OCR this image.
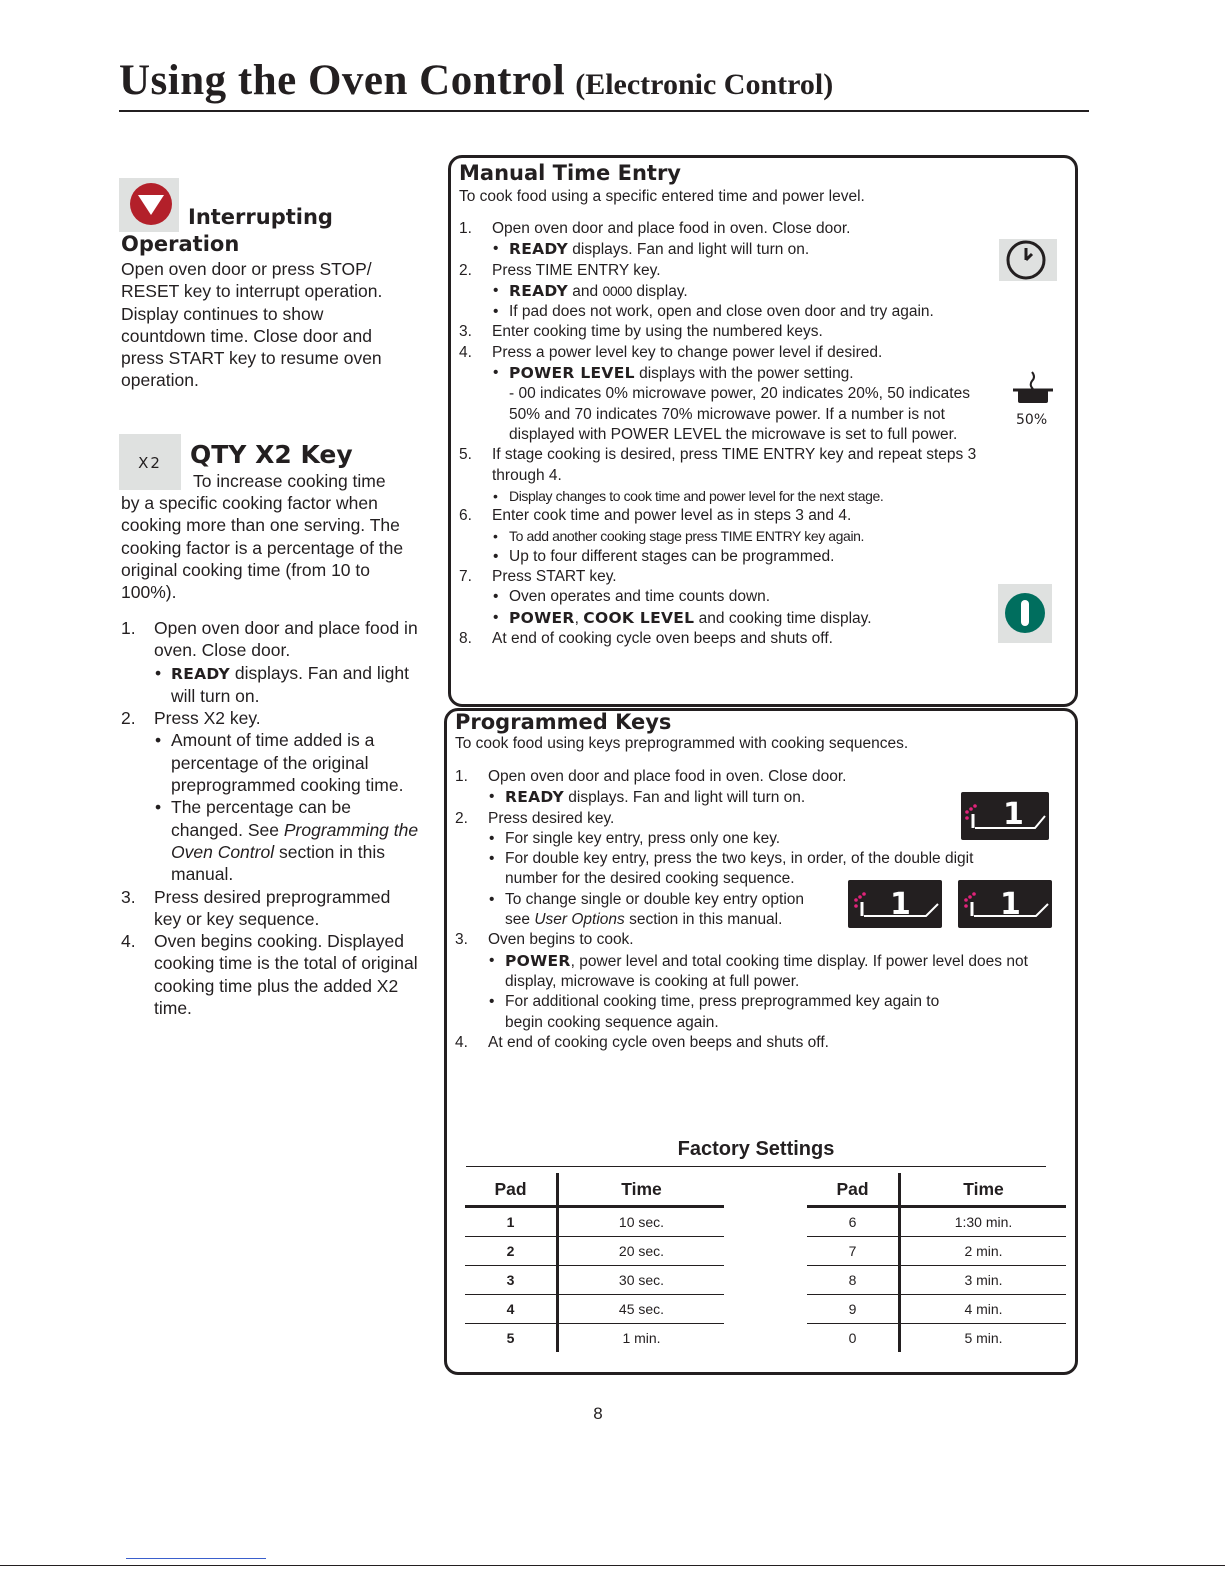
Using the Oven Control (Electronic Control)
Interrupting
Operation
Open oven door or press STOP/ RESET key to interrupt operation. Display continues to show countdown time. Close door and press START key to resume oven operation.
X2	QTY X2 Key
To increase cooking time
by a specific cooking factor when cooking more than one serving. The cooking factor is a percentage of the original cooking time (from 10 to 100%).
1. Open oven door and place food in oven. Close door.
• READY displays. Fan and light will turn on.
2. Press X2 key.
• Amount of time added is a percentage of the original preprogrammed cooking time.
• The percentage can be changed. See Programming the Oven Control section in this manual.
3. Press desired preprogrammed key or key sequence.
4. Oven begins cooking. Displayed cooking time is the total of original cooking time plus the added X2 time.
Manual Time Entry
To cook food using a specific entered time and power level.
1. Open oven door and place food in oven. Close door.
• READY displays. Fan and light will turn on.
2. Press TIME ENTRY key.
• READY and 0000 display.
• If pad does not work, open and close oven door and try again.
3. Enter cooking time by using the numbered keys.
4. Press a power level key to change power level if desired.
• POWER LEVEL displays with the power setting.
- 00 indicates 0% microwave power, 20 indicates 20%, 50 indicates 50% and 70 indicates 70% microwave power. If a number is not displayed with POWER LEVEL the microwave is set to full power.
5. If stage cooking is desired, press TIME ENTRY key and repeat steps 3 through 4.
• Display changes to cook time and power level for the next stage.
6. Enter cook time and power level as in steps 3 and 4.
• To add another cooking stage press TIME ENTRY key again.
• Up to four different stages can be programmed.
7. Press START key.
• Oven operates and time counts down.
• POWER, COOK LEVEL and cooking time display.
8. At end of cooking cycle oven beeps and shuts off.
50%
Programmed Keys
To cook food using keys preprogrammed with cooking sequences.
1. Open oven door and place food in oven. Close door.
• READY displays. Fan and light will turn on.
2. Press desired key.
• For single key entry, press only one key.
• For double key entry, press the two keys, in order, of the double digit number for the desired cooking sequence.
• To change single or double key entry option see User Options section in this manual.
3. Oven begins to cook.
• POWER, power level and total cooking time display. If power level does not display, microwave is cooking at full power.
• For additional cooking time, press preprogrammed key again to begin cooking sequence again.
4. At end of cooking cycle oven beeps and shuts off.
1
1	1
Factory Settings
Pad	Time
1	10 sec.
2	20 sec.
3	30 sec.
4	45 sec.
5	1 min.
Pad	Time
6	1:30 min.
7	2 min.
8	3 min.
9	4 min.
0	5 min.
8
